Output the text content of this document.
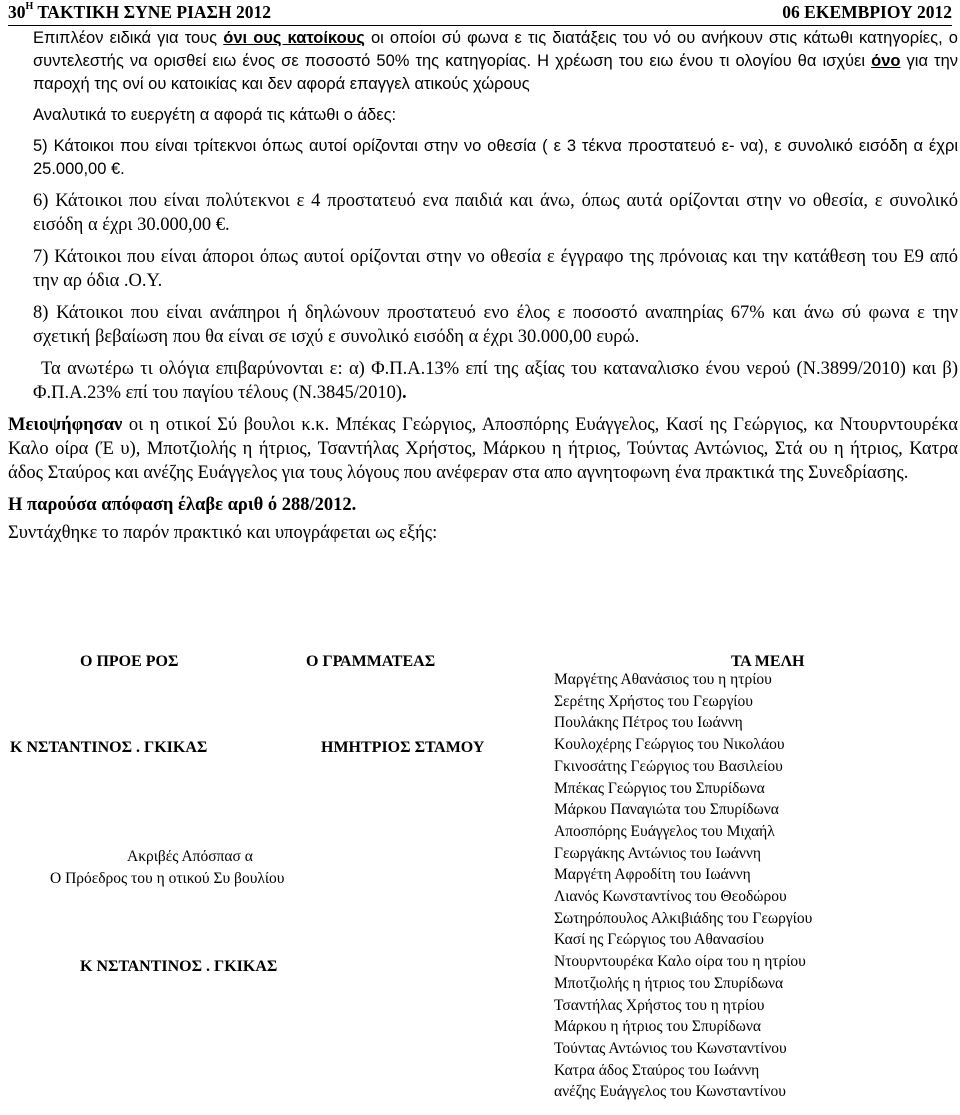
$30^H$ ΤΑΚΤΙΚΗ ΣΥΝΕ ΡΙΑΣΗ 2012	06 ΕΚΕΜΒΡΙΟΥ 2012

Επιπλέον ειδικά για τους όνι ους κατοίκους οι οποίοι σύ φωνα ε τις διατάξεις του νό ου ανήκουν στις κάτωθι κατηγορίες, ο συντελεστής να ορισθεί ειω ένος σε ποσοστό 50% της κατηγορίας. Η χρέωση του ειω ένου τι ολογίου θα ισχύει όνο για την παροχή της ονί ου κατοικίας και δεν αφορά επαγγελ ατικούς χώρους

Αναλυτικά το ευεργέτη α αφορά τις κάτωθι ο άδες:

5) Κάτοικοι που είναι τρίτεκνοι όπως αυτοί ορίζονται στην νο οθεσία ( ε 3 τέκνα προστατευό ε- να), ε συνολικό εισόδη α έχρι 25.000,00 €.

6) Κάτοικοι που είναι πολύτεκνοι ε 4 προστατευό ενα παιδιά και άνω, όπως αυτά ορίζονται στην νο οθεσία, ε συνολικό εισόδη α έχρι 30.000,00 €.

7) Κάτοικοι που είναι άποροι όπως αυτοί ορίζονται στην νο οθεσία ε έγγραφο της πρόνοιας και την κατάθεση του Ε9 από την αρ όδια .Ο.Υ.

8) Κάτοικοι που είναι ανάπηροι ή δηλώνουν προστατευό ενο έλος ε ποσοστό αναπηρίας 67% και άνω σύ φωνα ε την σχετική βεβαίωση που θα είναι σε ισχύ ε συνολικό εισόδη α έχρι 30.000,00 ευρώ.

Τα ανωτέρω τι ολόγια επιβαρύνονται ε: α) Φ.Π.Α.13% επί της αξίας του καταναλισκο ένου νερού (Ν.3899/2010) και β) Φ.Π.Α.23% επί του παγίου τέλους (Ν.3845/2010).

Μειοψήφησαν οι η οτικοί Σύ βουλοι κ.κ. Μπέκας Γεώργιος, Αποσπόρης Ευάγγελος, Κασί ης Γεώργιος, κα Ντουρντουρέκα Καλο οίρα (Έ υ), Μποτζιολής η ήτριος, Τσαντήλας Χρήστος, Μάρκου η ήτριος, Τούντας Αντώνιος, Στά ου η ήτριος, Κατρα άδος Σταύρος και ανέζης Ευάγγελος για τους λόγους που ανέφεραν στα απο αγνητοφωνη ένα πρακτικά της Συνεδρίασης.

Η παρούσα απόφαση έλαβε αριθ ό 288/2012.

Συντάχθηκε το παρόν πρακτικό και υπογράφεται ως εξής:

Ο ΠΡΟΕ ΡΟΣ	Ο ΓΡΑΜΜΑΤΕΑΣ	ΤΑ ΜΕΛΗ
Κ ΝΣΤΑΝΤΙΝΟΣ . ΓΚΙΚΑΣ	ΗΜΗΤΡΙΟΣ ΣΤΑΜΟΥ
Ακριβές Απόσπασ α
Ο Πρόεδρος του η οτικού Συ βουλίου
Κ ΝΣΤΑΝΤΙΝΟΣ . ΓΚΙΚΑΣ
Μαργέτης Αθανάσιος του η ητρίου
Σερέτης Χρήστος του Γεωργίου
Πουλάκης Πέτρος του Ιωάννη
Κουλοχέρης Γεώργιος του Νικολάου
Γκινοσάτης Γεώργιος του Βασιλείου
Μπέκας Γεώργιος του Σπυρίδωνα
Μάρκου Παναγιώτα του Σπυρίδωνα
Αποσπόρης Ευάγγελος του Μιχαήλ
Γεωργάκης Αντώνιος του Ιωάννη
Μαργέτη Αφροδίτη του Ιωάννη
Λιανός Κωνσταντίνος του Θεοδώρου
Σωτηρόπουλος Αλκιβιάδης του Γεωργίου
Κασί ης Γεώργιος του Αθανασίου
Ντουρντουρέκα Καλο οίρα του η ητρίου
Μποτζιολής η ήτριος του Σπυρίδωνα
Τσαντήλας Χρήστος του η ητρίου
Μάρκου η ήτριος του Σπυρίδωνα
Τούντας Αντώνιος του Κωνσταντίνου
Κατρα άδος Σταύρος του Ιωάννη
ανέζης Ευάγγελος του Κωνσταντίνου
